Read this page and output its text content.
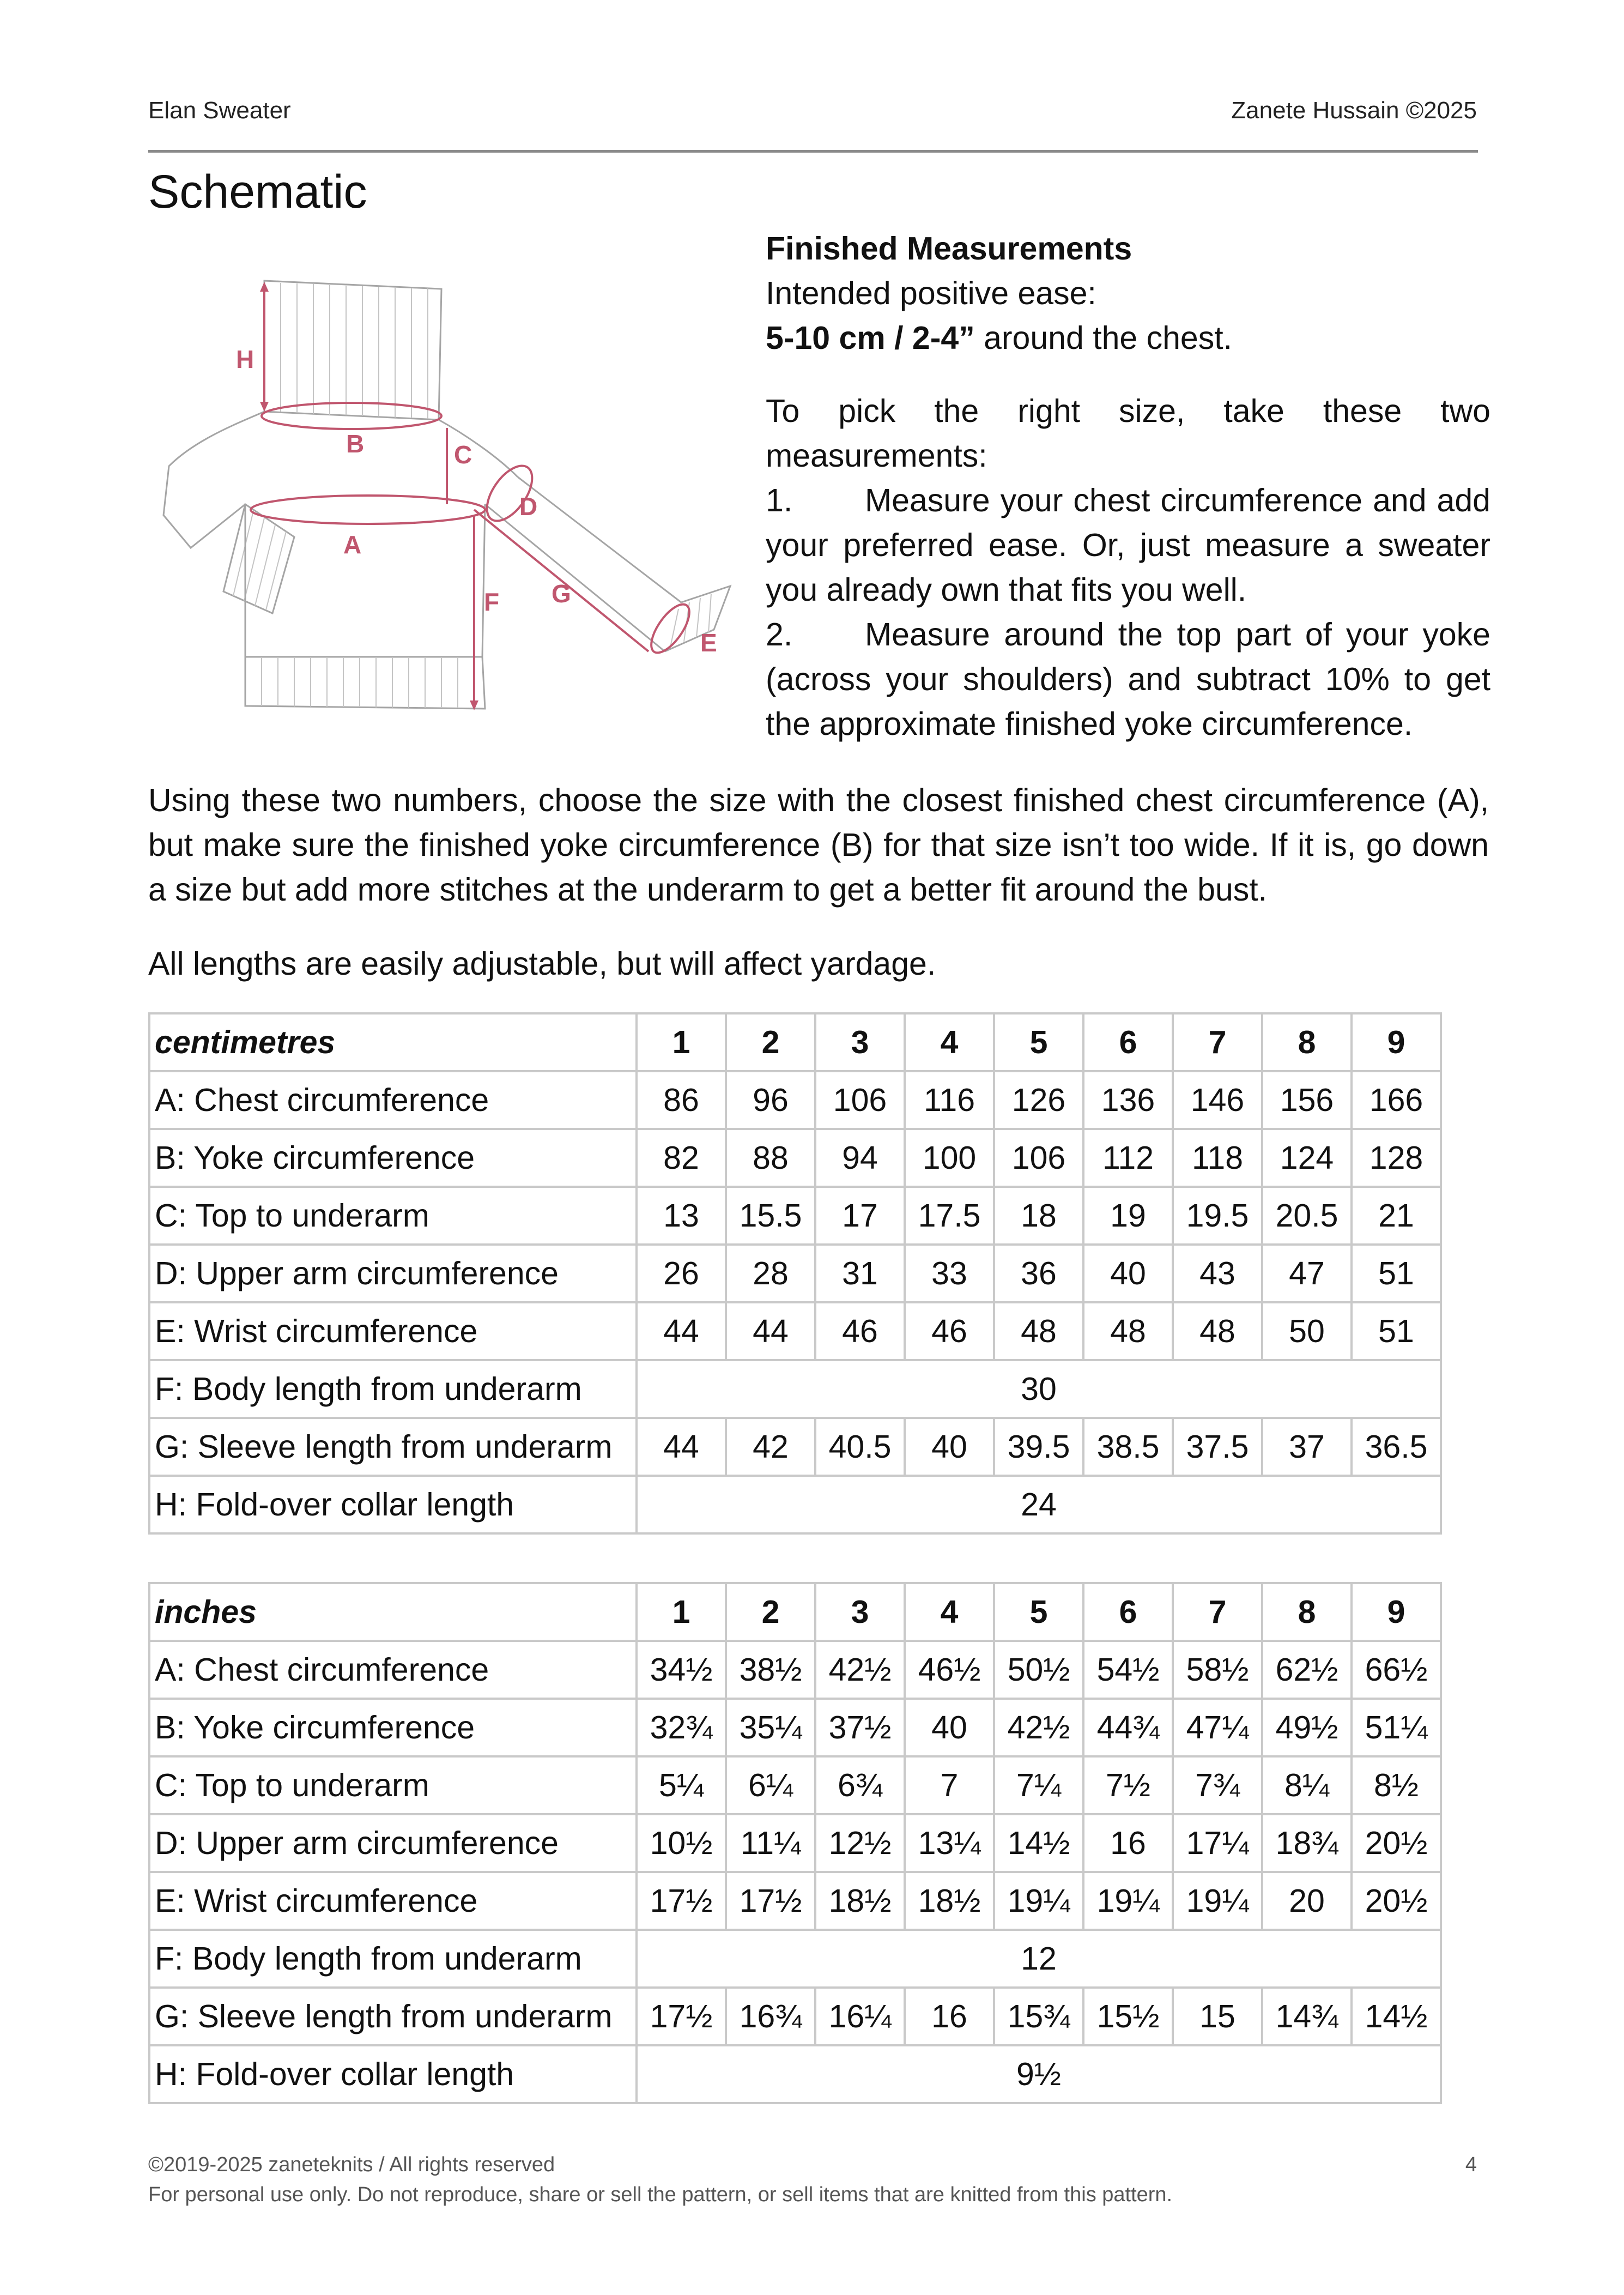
Elan Sweater	Zanete Hussain ©2025
Schematic
H
B	C
D
A
F G
E

Finished Measurements

Intended positive ease:

5-10 cm / 2-4” around the chest.

To pick the right size, take these two measurements:

1. Measure your chest circumference and add your preferred ease. Or, just measure a sweater you already own that fits you well.

2. Measure around the top part of your yoke (across your shoulders) and subtract 10% to get the approximate finished yoke circumference.

Using these two numbers, choose the size with the closest finished chest circumference (A), but make sure the finished yoke circumference (B) for that size isn’t too wide. If it is, go down a size but add more stitches at the underarm to get a better fit around the bust.

All lengths are easily adjustable, but will affect yardage.

centimetres	1	2	3	4	5	6	7	8	9
A: Chest circumference	86	96	106	116	126	136	146	156	166
B: Yoke circumference	82	88	94	100	106	112	118	124	128
C: Top to underarm	13	15.5	17	17.5	18	19	19.5	20.5	21
D: Upper arm circumference	26	28	31	33	36	40	43	47	51
E: Wrist circumference	44	44	46	46	48	48	48	50	51
F: Body length from underarm	30								
G: Sleeve length from underarm	44	42	40.5	40	39.5	38.5	37.5	37	36.5
H: Fold-over collar length	24								
inches	1	2	3	4	5	6	7	8	9
A: Chest circumference	34½	38½	42½	46½	50½	54½	58½	62½	66½
B: Yoke circumference	32¾	35¼	37½	40	42½	44¾	47¼	49½	51¼
C: Top to underarm	5¼	6¼	6¾	7	7¼	7½	7¾	8¼	8½
D: Upper arm circumference	10½	11¼	12½	13¼	14½	16	17¼	18¾	20½
E: Wrist circumference	17½	17½	18½	18½	19¼	19¼	19¼	20	20½
F: Body length from underarm	12								
G: Sleeve length from underarm	17½	16¾	16¼	16	15¾	15½	15	14¾	14½
H: Fold-over collar length	9½								
©2019-2025 zaneteknits / All rights reserved
For personal use only. Do not reproduce, share or sell the pattern, or sell items that are knitted from this pattern.
4
